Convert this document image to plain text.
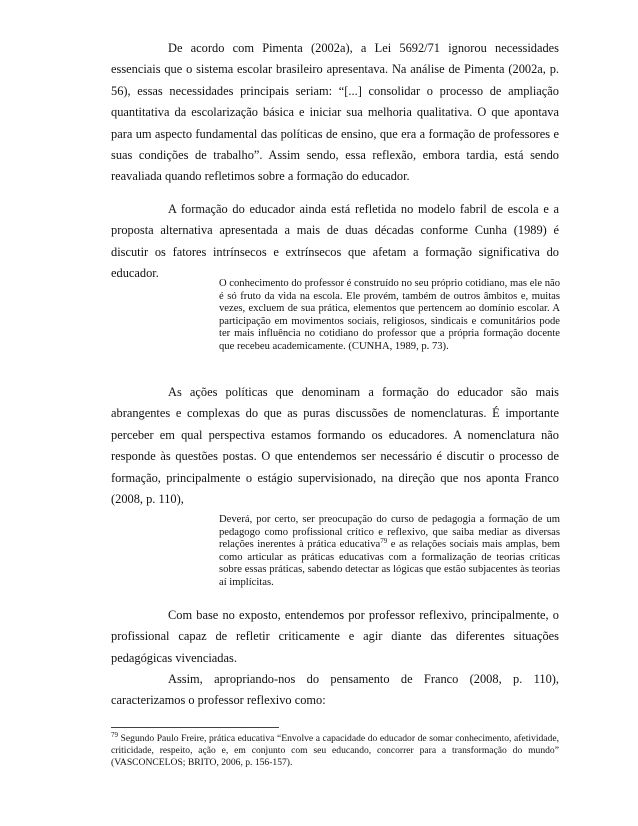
De acordo com Pimenta (2002a), a Lei 5692/71 ignorou necessidades essenciais que o sistema escolar brasileiro apresentava. Na análise de Pimenta (2002a, p. 56), essas necessidades principais seriam: “[...] consolidar o processo de ampliação quantitativa da escolarização básica e iniciar sua melhoria qualitativa. O que apontava para um aspecto fundamental das políticas de ensino, que era a formação de professores e suas condições de trabalho”. Assim sendo, essa reflexão, embora tardia, está sendo reavaliada quando refletimos sobre a formação do educador.

A formação do educador ainda está refletida no modelo fabril de escola e a proposta alternativa apresentada a mais de duas décadas conforme Cunha (1989) é discutir os fatores intrínsecos e extrínsecos que afetam a formação significativa do educador.

O conhecimento do professor é construído no seu próprio cotidiano, mas ele não é só fruto da vida na escola. Ele provém, também de outros âmbitos e, muitas vezes, excluem de sua prática, elementos que pertencem ao domínio escolar. A participação em movimentos sociais, religiosos, sindicais e comunitários pode ter mais influência no cotidiano do professor que a própria formação docente que recebeu academicamente. (CUNHA, 1989, p. 73).

As ações políticas que denominam a formação do educador são mais abrangentes e complexas do que as puras discussões de nomenclaturas. É importante perceber em qual perspectiva estamos formando os educadores. A nomenclatura não responde às questões postas. O que entendemos ser necessário é discutir o processo de formação, principalmente o estágio supervisionado, na direção que nos aponta Franco (2008, p. 110),

Deverá, por certo, ser preocupação do curso de pedagogia a formação de um pedagogo como profissional crítico e reflexivo, que saiba mediar as diversas relações inerentes à prática educativa$^{79}$ e as relações sociais mais amplas, bem como articular as práticas educativas com a formalização de teorias críticas sobre essas práticas, sabendo detectar as lógicas que estão subjacentes às teorias aí implícitas.

Com base no exposto, entendemos por professor reflexivo, principalmente, o profissional capaz de refletir criticamente e agir diante das diferentes situações pedagógicas vivenciadas.

Assim, apropriando-nos do pensamento de Franco (2008, p. 110), caracterizamos o professor reflexivo como:

$^{79}$ Segundo Paulo Freire, prática educativa “Envolve a capacidade do educador de somar conhecimento, afetividade, criticidade, respeito, ação e, em conjunto com seu educando, concorrer para a transformação do mundo” (VASCONCELOS; BRITO, 2006, p. 156-157).
